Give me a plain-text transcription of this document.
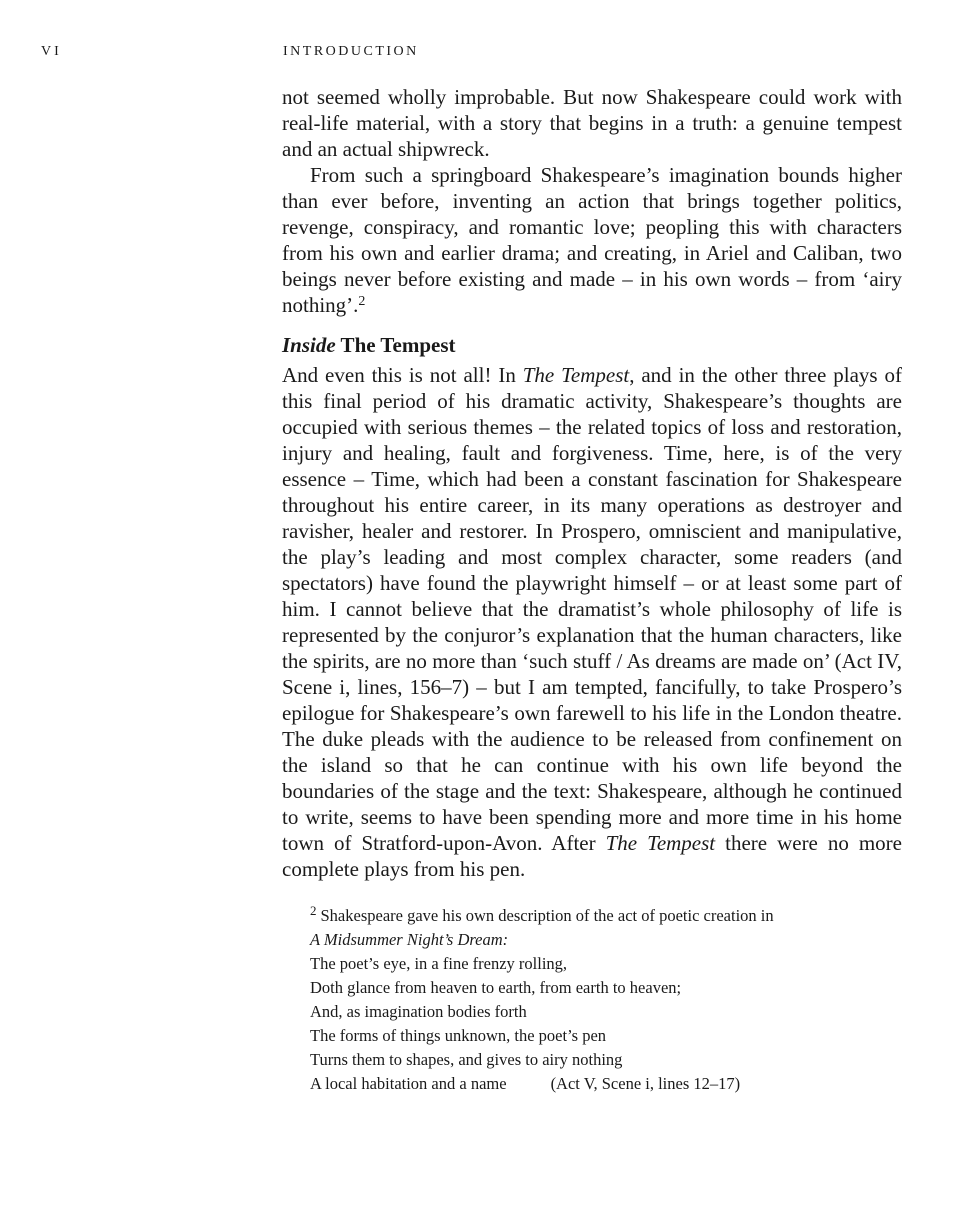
VI	INTRODUCTION

not seemed wholly improbable. But now Shakespeare could work with real-life material, with a story that begins in a truth: a genuine tempest and an actual shipwreck.

From such a springboard Shakespeare’s imagination bounds higher than ever before, inventing an action that brings together politics, revenge, conspiracy, and romantic love; peopling this with characters from his own and earlier drama; and creating, in Ariel and Caliban, two beings never before existing and made – in his own words – from ‘airy nothing’.$^2$

Inside The Tempest

And even this is not all! In The Tempest, and in the other three plays of this final period of his dramatic activity, Shakespeare’s thoughts are occupied with serious themes – the related topics of loss and restoration, injury and healing, fault and forgiveness. Time, here, is of the very essence – Time, which had been a constant fascination for Shakespeare throughout his entire career, in its many operations as destroyer and ravisher, healer and restorer. In Prospero, omniscient and manipulative, the play’s leading and most complex character, some readers (and spectators) have found the playwright himself – or at least some part of him. I cannot believe that the dramatist’s whole philosophy of life is represented by the conjuror’s explanation that the human characters, like the spirits, are no more than ‘such stuff / As dreams are made on’ (Act IV, Scene i, lines, 156–7) – but I am tempted, fancifully, to take Prospero’s epilogue for Shakespeare’s own farewell to his life in the London theatre. The duke pleads with the audience to be released from confinement on the island so that he can continue with his own life beyond the boundaries of the stage and the text: Shakespeare, although he continued to write, seems to have been spending more and more time in his home town of Stratford-upon-Avon. After The Tempest there were no more complete plays from his pen.

$^2$ Shakespeare gave his own description of the act of poetic creation in

A Midsummer Night’s Dream:

The poet’s eye, in a fine frenzy rolling,

Doth glance from heaven to earth, from earth to heaven;

And, as imagination bodies forth

The forms of things unknown, the poet’s pen

Turns them to shapes, and gives to airy nothing

A local habitation and a name	(Act V, Scene i, lines 12–17)
